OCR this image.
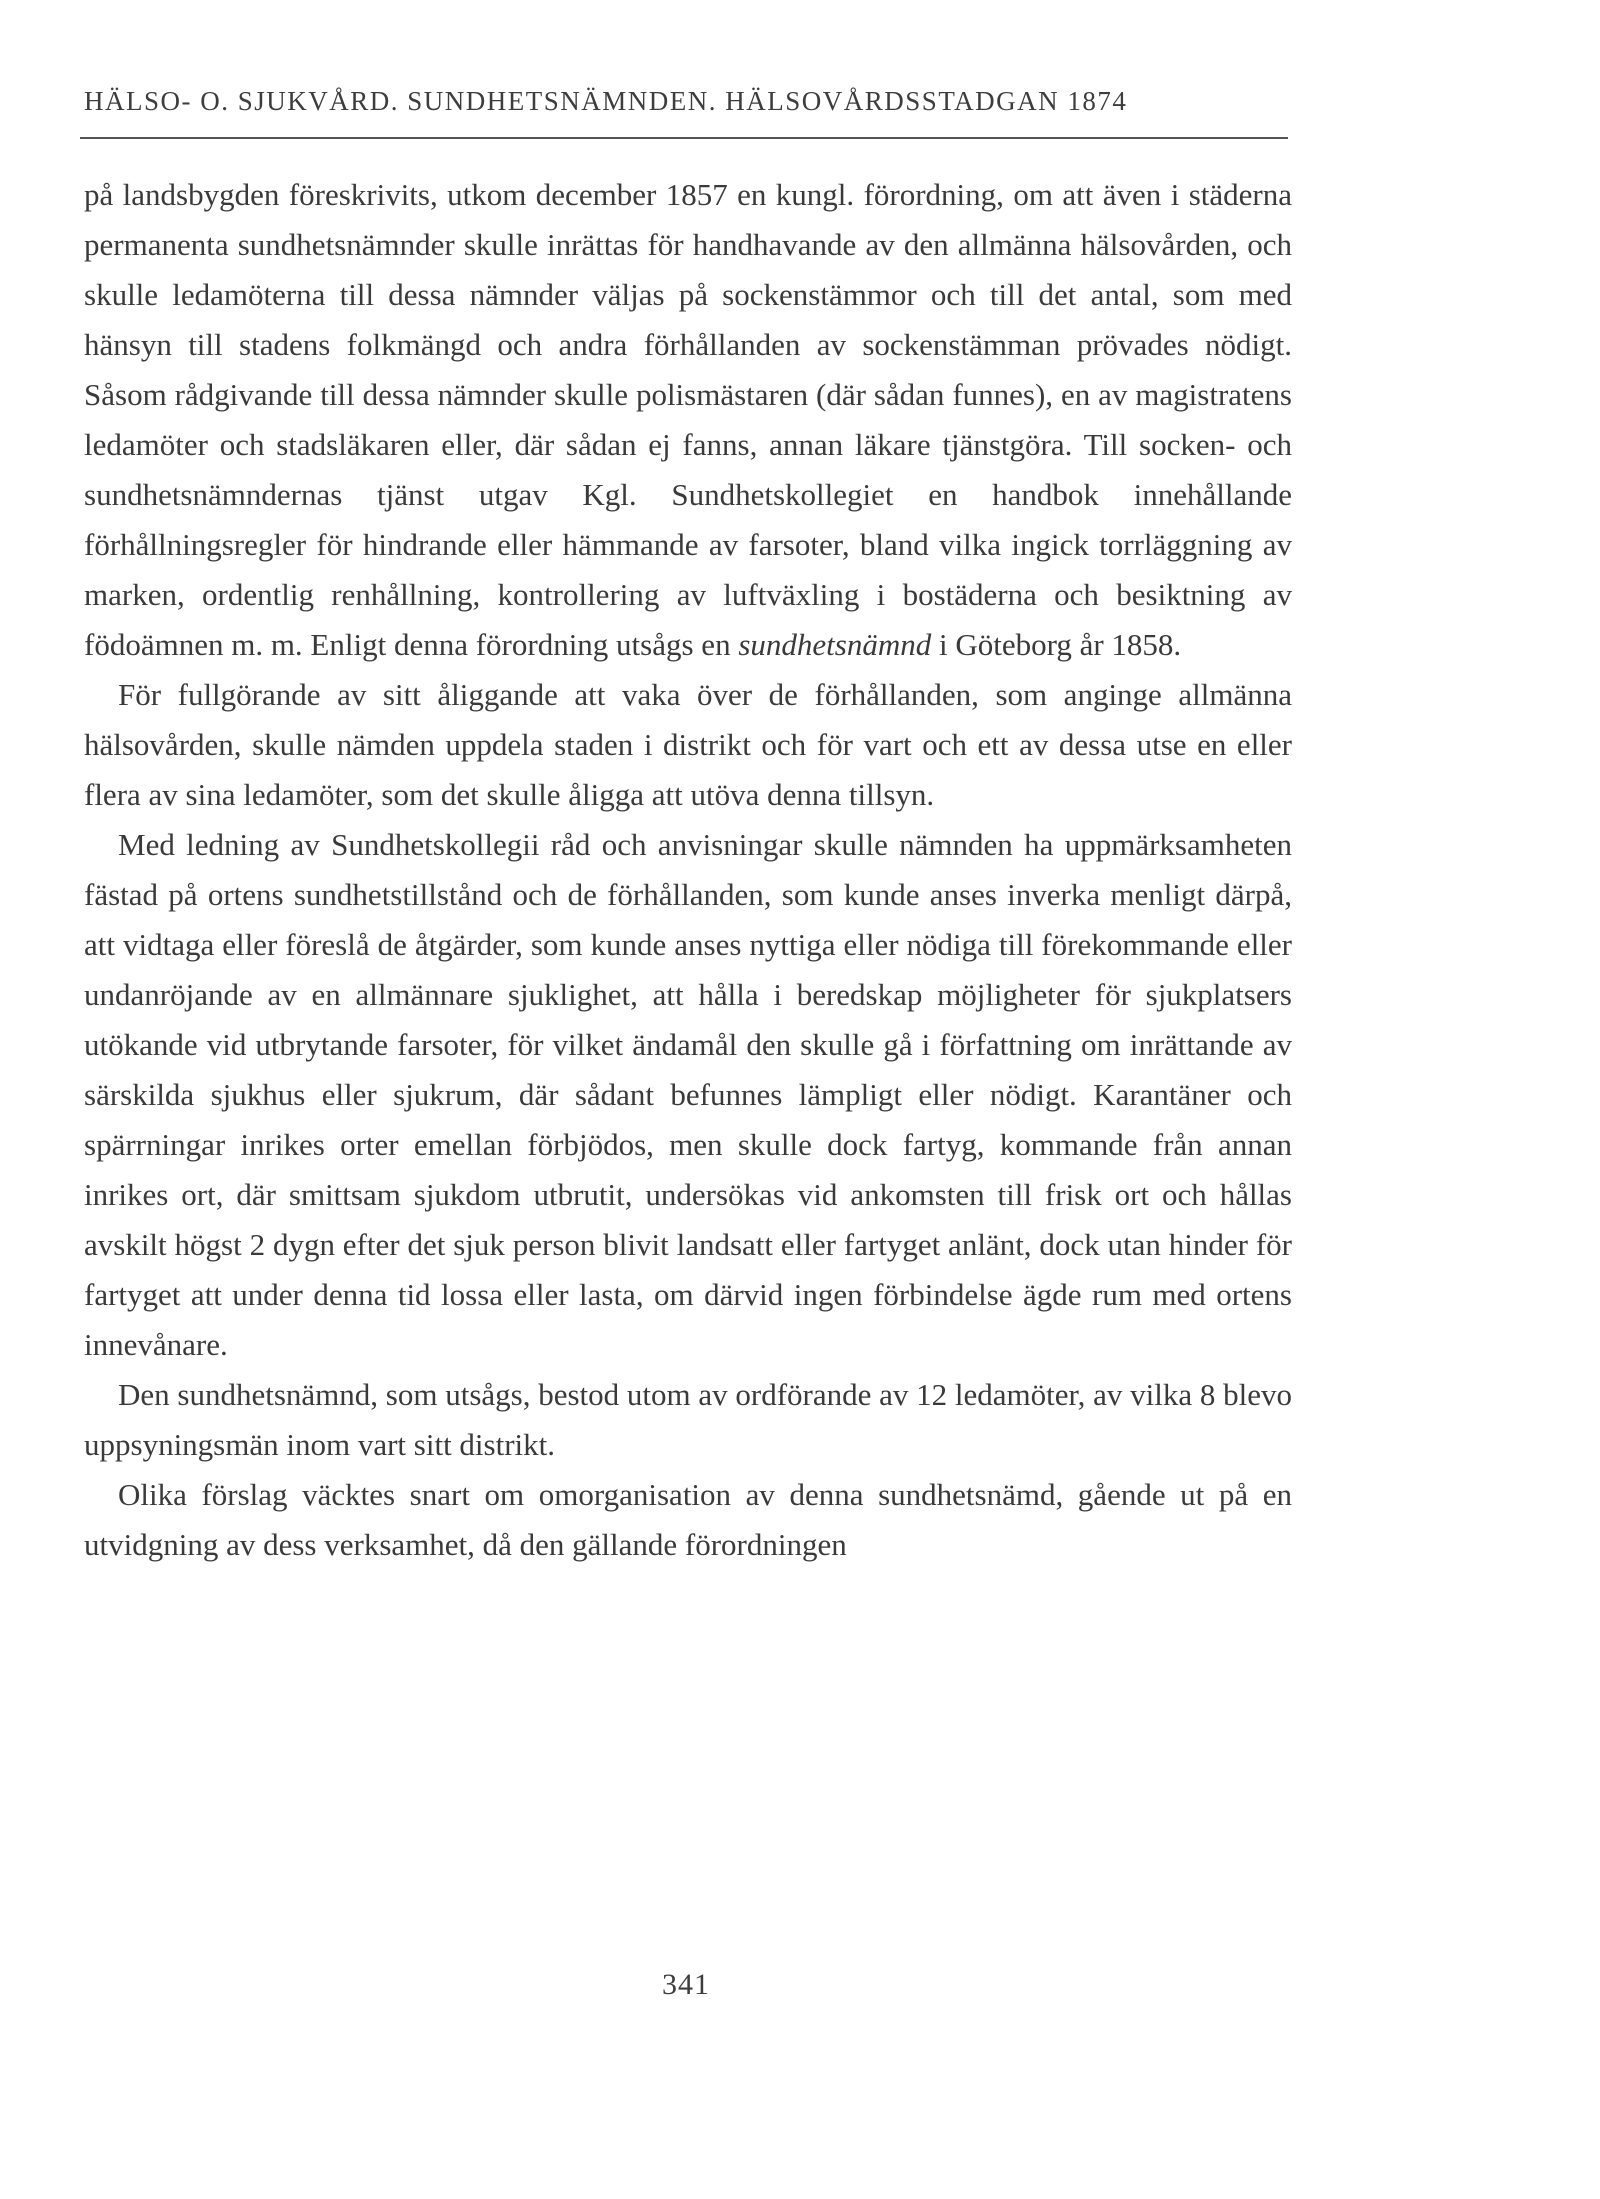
HÄLSO- O. SJUKVÅRD. SUNDHETSNÄMNDEN. HÄLSOVÅRDSSTADGAN 1874

på landsbygden föreskrivits, utkom december 1857 en kungl. förordning, om att även i städerna permanenta sundhetsnämnder skulle inrättas för handhavande av den allmänna hälsovården, och skulle ledamöterna till dessa nämnder väljas på sockenstämmor och till det antal, som med hänsyn till stadens folkmängd och andra förhållanden av sockenstämman prövades nödigt. Såsom rådgivande till dessa nämnder skulle polismästaren (där sådan funnes), en av magistratens ledamöter och stadsläkaren eller, där sådan ej fanns, annan läkare tjänstgöra. Till socken- och sundhetsnämndernas tjänst utgav Kgl. Sundhetskollegiet en handbok innehållande förhållningsregler för hindrande eller hämmande av farsoter, bland vilka ingick torrläggning av marken, ordentlig renhållning, kontrollering av luftväxling i bostäderna och besiktning av födoämnen m. m. Enligt denna förordning utsågs en sundhetsnämnd i Göteborg år 1858.

För fullgörande av sitt åliggande att vaka över de förhållanden, som anginge allmänna hälsovården, skulle nämden uppdela staden i distrikt och för vart och ett av dessa utse en eller flera av sina ledamöter, som det skulle åligga att utöva denna tillsyn.

Med ledning av Sundhetskollegii råd och anvisningar skulle nämnden ha uppmärksamheten fästad på ortens sundhetstillstånd och de förhållanden, som kunde anses inverka menligt därpå, att vidtaga eller föreslå de åtgärder, som kunde anses nyttiga eller nödiga till förekommande eller undanröjande av en allmännare sjuklighet, att hålla i beredskap möjligheter för sjukplatsers utökande vid utbrytande farsoter, för vilket ändamål den skulle gå i författning om inrättande av särskilda sjukhus eller sjukrum, där sådant befunnes lämpligt eller nödigt. Karantäner och spärrningar inrikes orter emellan förbjödos, men skulle dock fartyg, kommande från annan inrikes ort, där smittsam sjukdom utbrutit, undersökas vid ankomsten till frisk ort och hållas avskilt högst 2 dygn efter det sjuk person blivit landsatt eller fartyget anlänt, dock utan hinder för fartyget att under denna tid lossa eller lasta, om därvid ingen förbindelse ägde rum med ortens innevånare.

Den sundhetsnämnd, som utsågs, bestod utom av ordförande av 12 ledamöter, av vilka 8 blevo uppsyningsmän inom vart sitt distrikt.

Olika förslag väcktes snart om omorganisation av denna sundhetsnämd, gående ut på en utvidgning av dess verksamhet, då den gällande förordningen

341
